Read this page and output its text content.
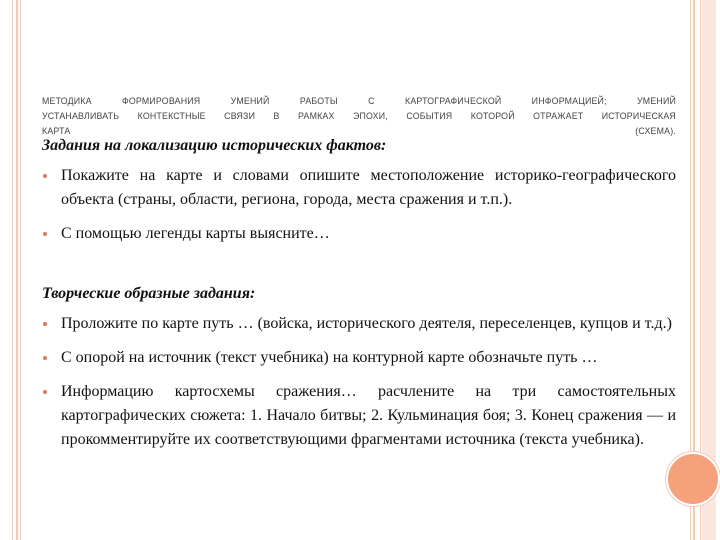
МЕТОДИКА ФОРМИРОВАНИЯ УМЕНИЙ РАБОТЫ С КАРТОГРАФИЧЕСКОЙ ИНФОРМАЦИЕЙ; УМЕНИЙ
УСТАНАВЛИВАТЬ КОНТЕКСТНЫЕ СВЯЗИ В РАМКАХ ЭПОХИ, СОБЫТИЯ КОТОРОЙ ОТРАЖАЕТ ИСТОРИЧЕСКАЯ
КАРТА	(СХЕМА).

Задания на локализацию исторических фактов:

Покажите на карте и словами опишите местоположение историко-географического объекта (страны, области, региона, города, места сражения и т.п.).
С помощью легенды карты выясните…

Творческие образные задания:

Проложите по карте путь … (войска, исторического деятеля, переселенцев, купцов и т.д.)
С опорой на источник (текст учебника) на контурной карте обозначьте путь …
Информацию картосхемы сражения… расчлените на три самостоятельных картографических сюжета: 1. Начало битвы; 2. Кульминация боя; 3. Конец сражения — и прокомментируйте их соответствующими фрагментами источника (текста учебника).
